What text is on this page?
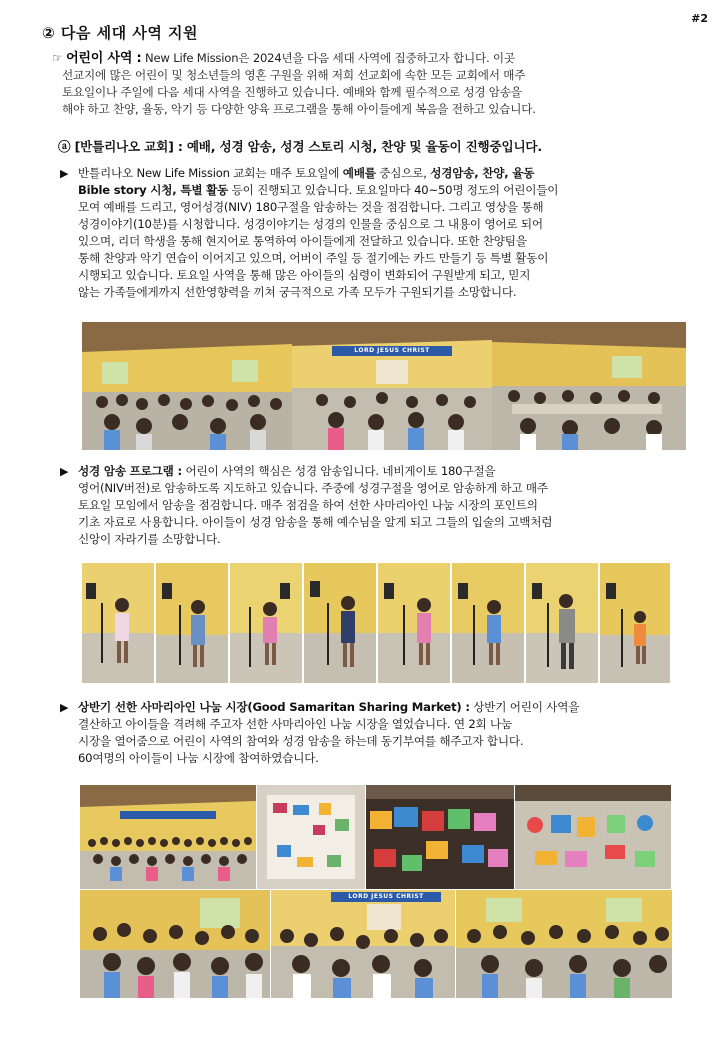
#2
② 다음 세대 사역 지원
☞ 어린이 사역 : New Life Mission은 2024년을 다음 세대 사역에 집중하고자 합니다. 이곳
선교지에 많은 어린이 및 청소년들의 영혼 구원을 위해 저희 선교회에 속한 모든 교회에서 매주
토요일이나 주일에 다음 세대 사역을 진행하고 있습니다. 예배와 함께 필수적으로 성경 암송을
해야 하고 찬양, 율동, 악기 등 다양한 양육 프로그램을 통해 아이들에게 복음을 전하고 있습니다.
ⓐ [반틀리나오 교회] : 예배, 성경 암송, 성경 스토리 시청, 찬양 및 율동이 진행중입니다.
▶ 반틀리나오 New Life Mission 교회는 매주 토요일에 예배를 중심으로, 성경암송, 찬양, 율동
Bible story 시청, 특별 활동 등이 진행되고 있습니다. 토요일마다 40~50명 정도의 어린이들이
모여 예배를 드리고, 영어성경(NIV) 180구절을 암송하는 것을 점검합니다. 그리고 영상을 통해
성경이야기(10분)를 시청합니다. 성경이야기는 성경의 인물을 중심으로 그 내용이 영어로 되어
있으며, 리더 학생을 통해 현지어로 통역하여 아이들에게 전달하고 있습니다. 또한 찬양팀을
통해 찬양과 악기 연습이 이어지고 있으며, 어버이 주일 등 절기에는 카드 만들기 등 특별 활동이
시행되고 있습니다. 토요일 사역을 통해 많은 아이들의 심령이 변화되어 구원받게 되고, 믿지
않는 가족들에게까지 선한영향력을 끼쳐 궁극적으로 가족 모두가 구원되기를 소망합니다.
LORD JESUS CHRIST
▶ 성경 암송 프로그램 : 어린이 사역의 핵심은 성경 암송입니다. 네비게이토 180구절을
영어(NIV버전)로 암송하도록 지도하고 있습니다. 주중에 성경구절을 영어로 암송하게 하고 매주
토요일 모임에서 암송을 점검합니다. 매주 점검을 하여 선한 사마리아인 나눔 시장의 포인트의
기초 자료로 사용합니다. 아이들이 성경 암송을 통해 예수님을 알게 되고 그들의 입술의 고백처럼
신앙이 자라기를 소망합니다.
▶ 상반기 선한 사마리아인 나눔 시장(Good Samaritan Sharing Market) : 상반기 어린이 사역을
결산하고 아이들을 격려해 주고자 선한 사마리아인 나눔 시장을 열었습니다. 연 2회 나눔
시장을 열어줌으로 어린이 사역의 참여와 성경 암송을 하는데 동기부여를 해주고자 합니다.
60여명의 아이들이 나눔 시장에 참여하였습니다.
LORD JESUS CHRIST
